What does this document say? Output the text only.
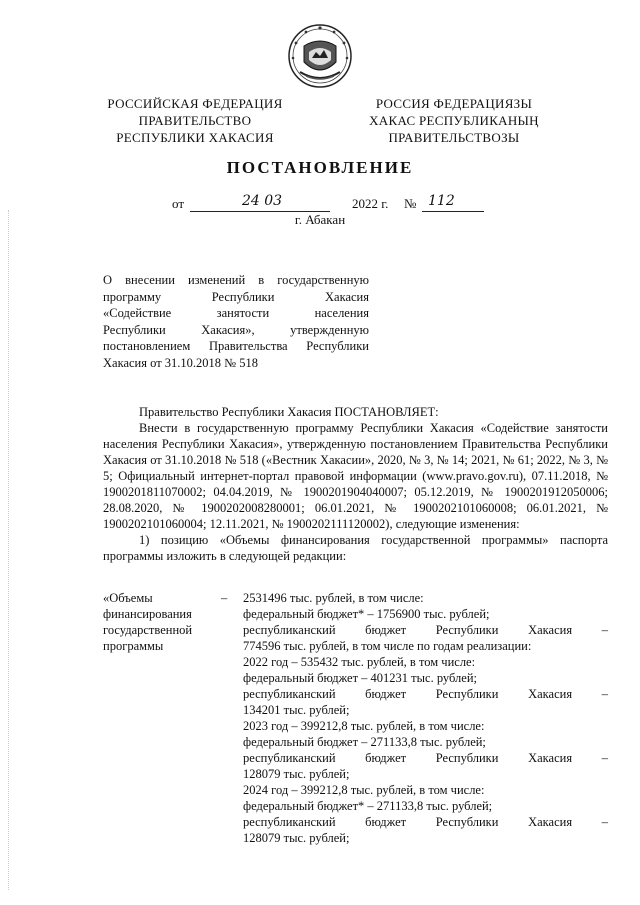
РОССИЙСКАЯ ФЕДЕРАЦИЯ
ПРАВИТЕЛЬСТВО
РЕСПУБЛИКИ ХАКАСИЯ
РОССИЯ ФЕДЕРАЦИЯЗЫ
ХАКАС РЕСПУБЛИКАНЫҢ
ПРАВИТЕЛЬСТВОЗЫ
ПОСТАНОВЛЕНИЕ
от	24 03	2022 г. № 112
г. Абакан
О внесении изменений в государственную
программу Республики Хакасия
«Содействие занятости населения
Республики Хакасия», утвержденную
постановлением Правительства Республики
Хакасия от 31.10.2018 № 518

Правительство Республики Хакасия ПОСТАНОВЛЯЕТ:

Внести в государственную программу Республики Хакасия «Содействие занятости населения Республики Хакасия», утвержденную постановлением Правительства Республики Хакасия от 31.10.2018 № 518 («Вестник Хакасии», 2020, № 3, № 14; 2021, № 61; 2022, № 3, № 5; Официальный интернет-портал правовой информации (www.pravo.gov.ru), 07.11.2018, № 1900201811070002; 04.04.2019, № 1900201904040007; 05.12.2019, № 1900201912050006; 28.08.2020, № 1900202008280001; 06.01.2021, № 1900202101060008; 06.01.2021, № 1900202101060004; 12.11.2021, № 1900202111120002), следующие изменения:

1) позицию «Объемы финансирования государственной программы» паспорта программы изложить в следующей редакции:

«Объемы
финансирования
государственной
программы
– 2531496 тыс. рублей, в том числе:
федеральный бюджет* – 1756900 тыс. рублей;
республиканский бюджет Республики Хакасия –
774596 тыс. рублей, в том числе по годам реализации:
2022 год – 535432 тыс. рублей, в том числе:
федеральный бюджет – 401231 тыс. рублей;
республиканский бюджет Республики Хакасия –
134201 тыс. рублей;
2023 год – 399212,8 тыс. рублей, в том числе:
федеральный бюджет – 271133,8 тыс. рублей;
республиканский бюджет Республики Хакасия –
128079 тыс. рублей;
2024 год – 399212,8 тыс. рублей, в том числе:
федеральный бюджет* – 271133,8 тыс. рублей;
республиканский бюджет Республики Хакасия –
128079 тыс. рублей;
